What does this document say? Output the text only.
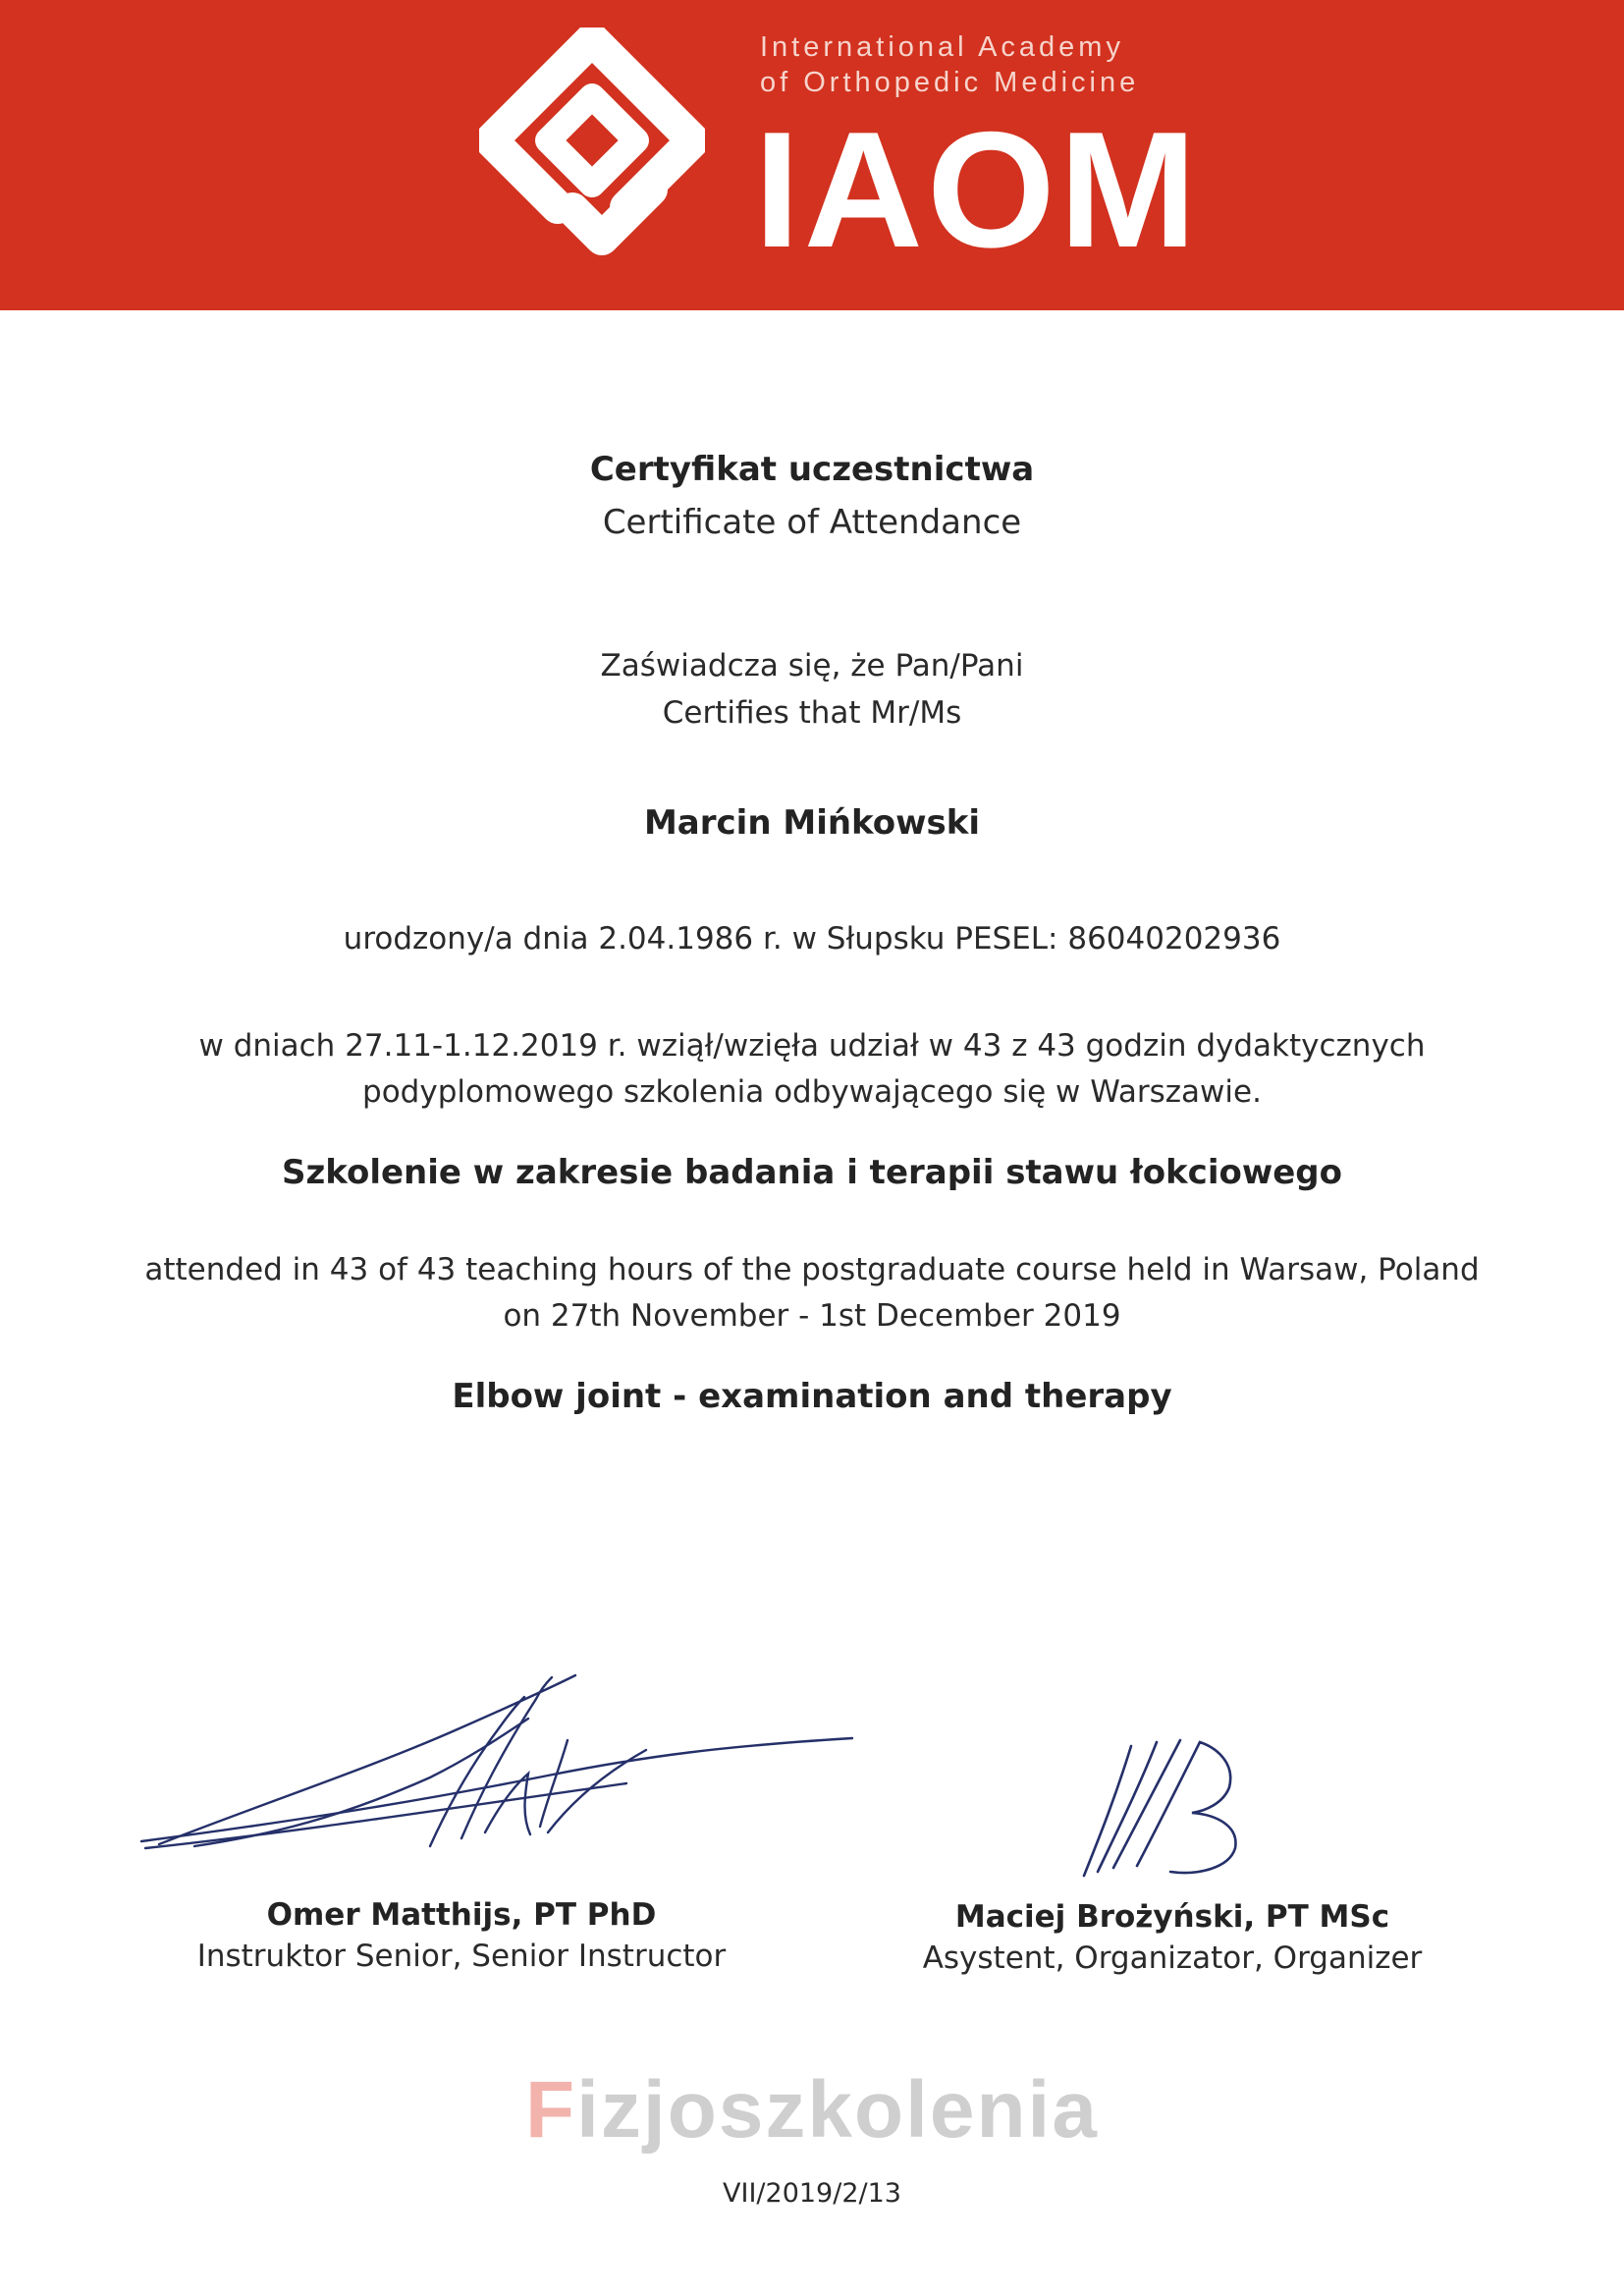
International Academy
of Orthopedic Medicine
IAOM
Certyfikat uczestnictwa
Certificate of Attendance
Zaświadcza się, że Pan/Pani
Certifies that Mr/Ms
Marcin Mińkowski
urodzony/a dnia 2.04.1986 r. w Słupsku PESEL: 86040202936
w dniach 27.11-1.12.2019 r. wziął/wzięła udział w 43 z 43 godzin dydaktycznych
podyplomowego szkolenia odbywającego się w Warszawie.
Szkolenie w zakresie badania i terapii stawu łokciowego
attended in 43 of 43 teaching hours of the postgraduate course held in Warsaw, Poland
on 27th November - 1st December 2019
Elbow joint - examination and therapy
Omer Matthijs, PT PhD
Instruktor Senior, Senior Instructor
Maciej Brożyński, PT MSc
Asystent, Organizator, Organizer
Fizjoszkolenia
VII/2019/2/13
